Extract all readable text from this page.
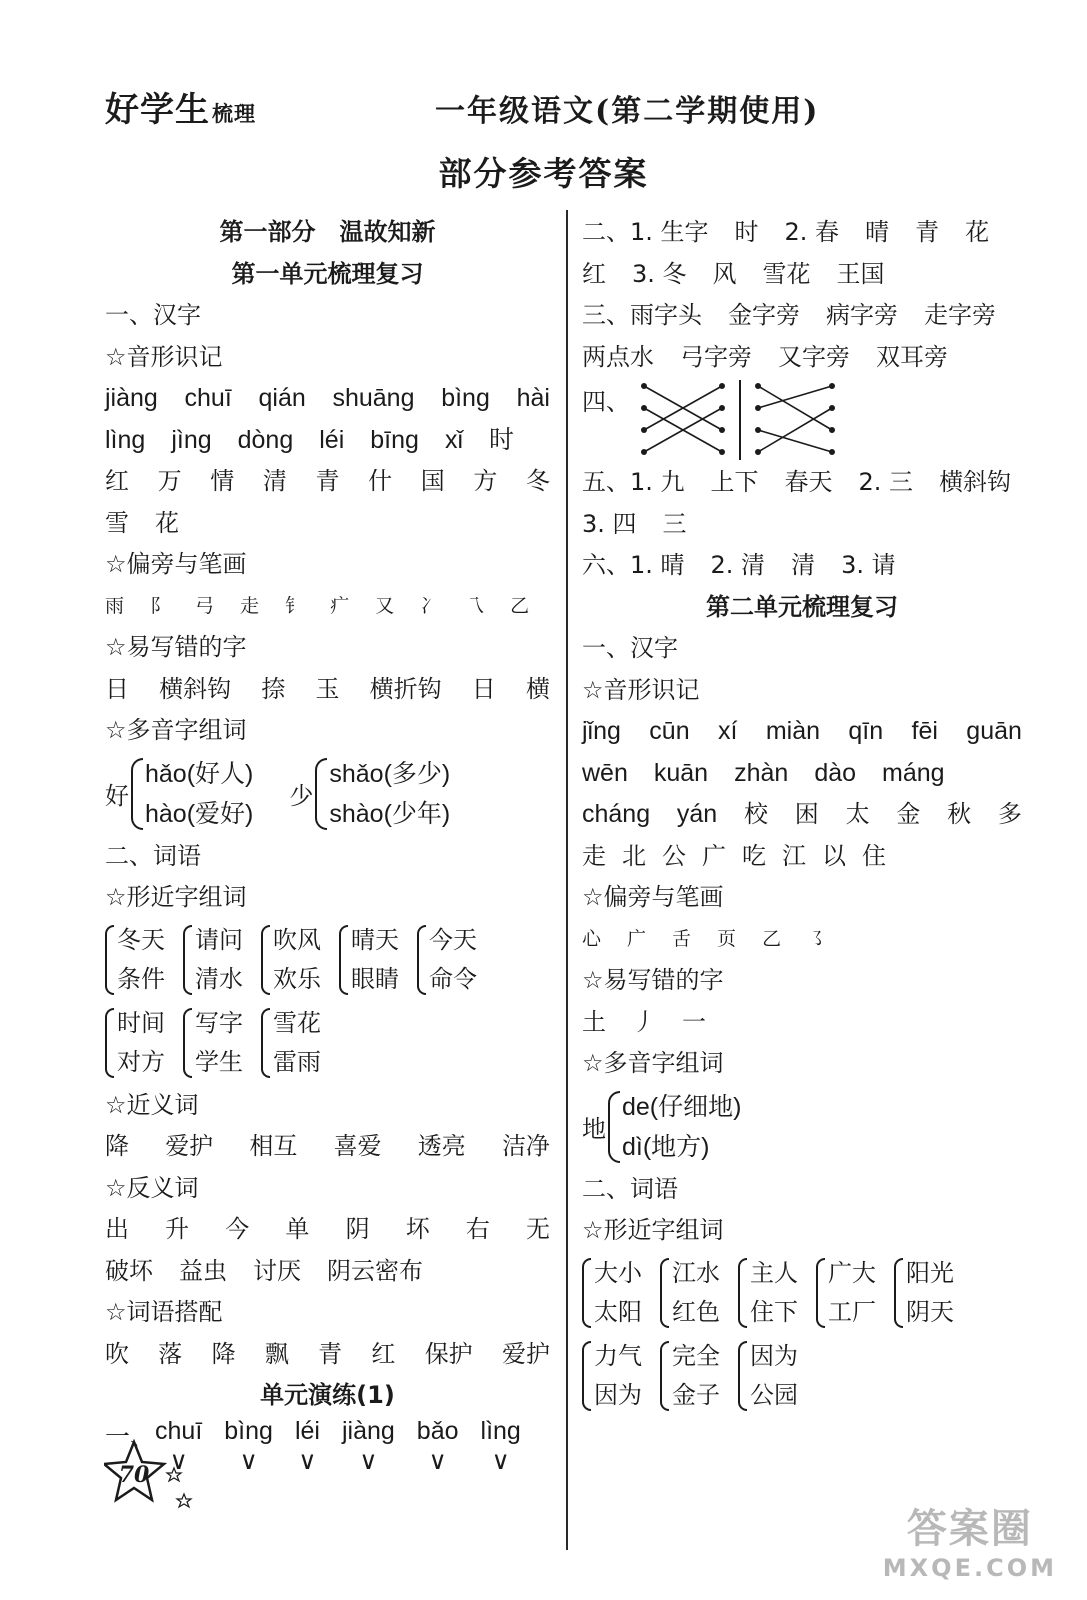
好学生梳理	一年级语文(第二学期使用)
部分参考答案
第一部分　温故知新
第一单元梳理复习
一、汉字
☆音形识记
jiàng chuī qián shuāng bìng hài
lìng jìng dòng léi bīng xǐ 时
红 万 情 清 青 什 国 方 冬
雪 花
☆偏旁与笔画
雨 阝 弓 走 钅 疒 又 冫 乁 乙
☆易写错的字
日 横斜钩 捺 玉 横折钩 日 横
☆多音字组词
好
hǎo(好人)
hào(爱好)
少
shǎo(多少)
shào(少年)
二、词语
☆形近字组词
冬天
条件
请问
清水
吹风
欢乐
晴天
眼睛
今天
命令
时间
对方
写字
学生
雪花
雷雨
☆近义词
降 爱护 相互 喜爱 透亮 洁净
☆反义词
出 升 今 单 阴 坏 右 无
破坏 益虫 讨厌 阴云密布
☆词语搭配
吹 落 降 飘 青 红 保护 爱护
单元演练(1)
一、 chuī
∨
bìng
∨
léi
∨
jiàng
∨
bǎo
∨
lìng
∨
二、1. 生字 时 2. 春 晴 青 花
红 3. 冬 风 雪花 王国
三、雨字头 金字旁 病字旁 走字旁
两点水 弓字旁 又字旁 双耳旁
四、
五、1. 九 上下 春天 2. 三 横斜钩
3. 四 三
六、1. 晴 2. 清 清 3. 请
第二单元梳理复习
一、汉字
☆音形识记
jǐng cūn xí miàn qīn fēi guān
wēn kuān zhàn dào máng
cháng yán 校 困 太 金 秋 多
走 北 公 广 吃 江 以 住
☆偏旁与笔画
心 广 舌 页 乙 ㇌
☆易写错的字
土 丿 一
☆多音字组词
地
de(仔细地)
dì(地方)
二、词语
☆形近字组词
大小
太阳
江水
红色
主人
住下
广大
工厂
阳光
阴天
力气
因为
完全
金子
因为
公园
70
答案圈
MXQE.COM
